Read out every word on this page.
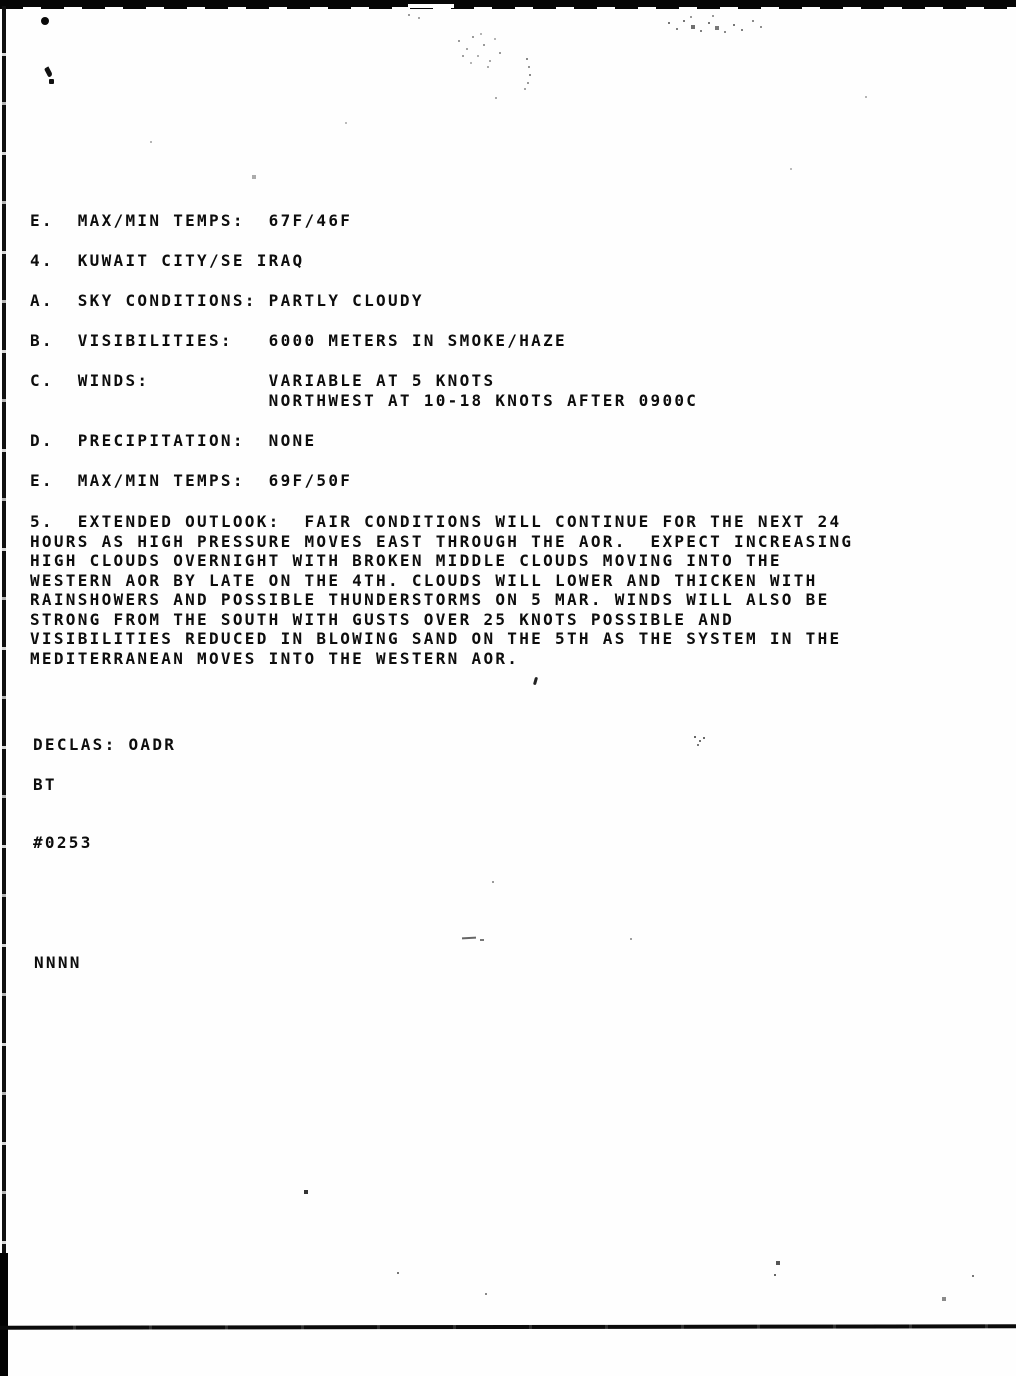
E.  MAX/MIN TEMPS:  67F/46F
4.  KUWAIT CITY/SE IRAQ
A.  SKY CONDITIONS: PARTLY CLOUDY
B.  VISIBILITIES:   6000 METERS IN SMOKE/HAZE
C.  WINDS:          VARIABLE AT 5 KNOTS
NORTHWEST AT 10-18 KNOTS AFTER 0900C
D.  PRECIPITATION:  NONE
E.  MAX/MIN TEMPS:  69F/50F
5.  EXTENDED OUTLOOK:  FAIR CONDITIONS WILL CONTINUE FOR THE NEXT 24
HOURS AS HIGH PRESSURE MOVES EAST THROUGH THE AOR.  EXPECT INCREASING
HIGH CLOUDS OVERNIGHT WITH BROKEN MIDDLE CLOUDS MOVING INTO THE
WESTERN AOR BY LATE ON THE 4TH. CLOUDS WILL LOWER AND THICKEN WITH
RAINSHOWERS AND POSSIBLE THUNDERSTORMS ON 5 MAR. WINDS WILL ALSO BE
STRONG FROM THE SOUTH WITH GUSTS OVER 25 KNOTS POSSIBLE AND
VISIBILITIES REDUCED IN BLOWING SAND ON THE 5TH AS THE SYSTEM IN THE
MEDITERRANEAN MOVES INTO THE WESTERN AOR.

DECLAS: OADR

BT

#0253

NNNN
